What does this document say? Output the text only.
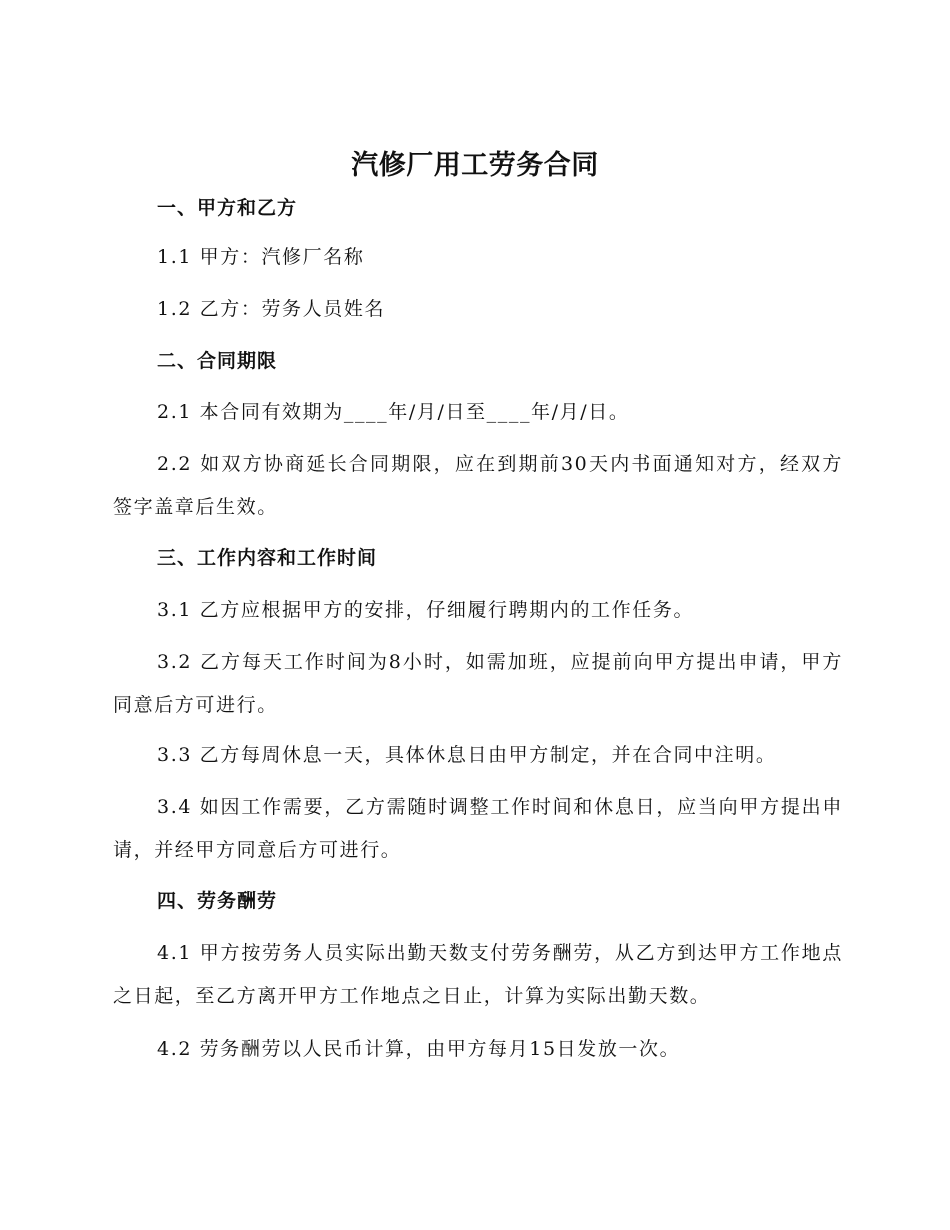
汽修厂用工劳务合同
一、甲方和乙方
1.1 甲方：汽修厂名称
1.2 乙方：劳务人员姓名
二、合同期限
2.1 本合同有效期为____年/月/日至____年/月/日。
2.2 如双方协商延长合同期限，应在到期前30天内书面通知对方，经双方签字盖章后生效。
三、工作内容和工作时间
3.1 乙方应根据甲方的安排，仔细履行聘期内的工作任务。
3.2 乙方每天工作时间为8小时，如需加班，应提前向甲方提出申请，甲方同意后方可进行。
3.3 乙方每周休息一天，具体休息日由甲方制定，并在合同中注明。
3.4 如因工作需要，乙方需随时调整工作时间和休息日，应当向甲方提出申请，并经甲方同意后方可进行。
四、劳务酬劳
4.1 甲方按劳务人员实际出勤天数支付劳务酬劳，从乙方到达甲方工作地点之日起，至乙方离开甲方工作地点之日止，计算为实际出勤天数。
4.2 劳务酬劳以人民币计算，由甲方每月15日发放一次。
